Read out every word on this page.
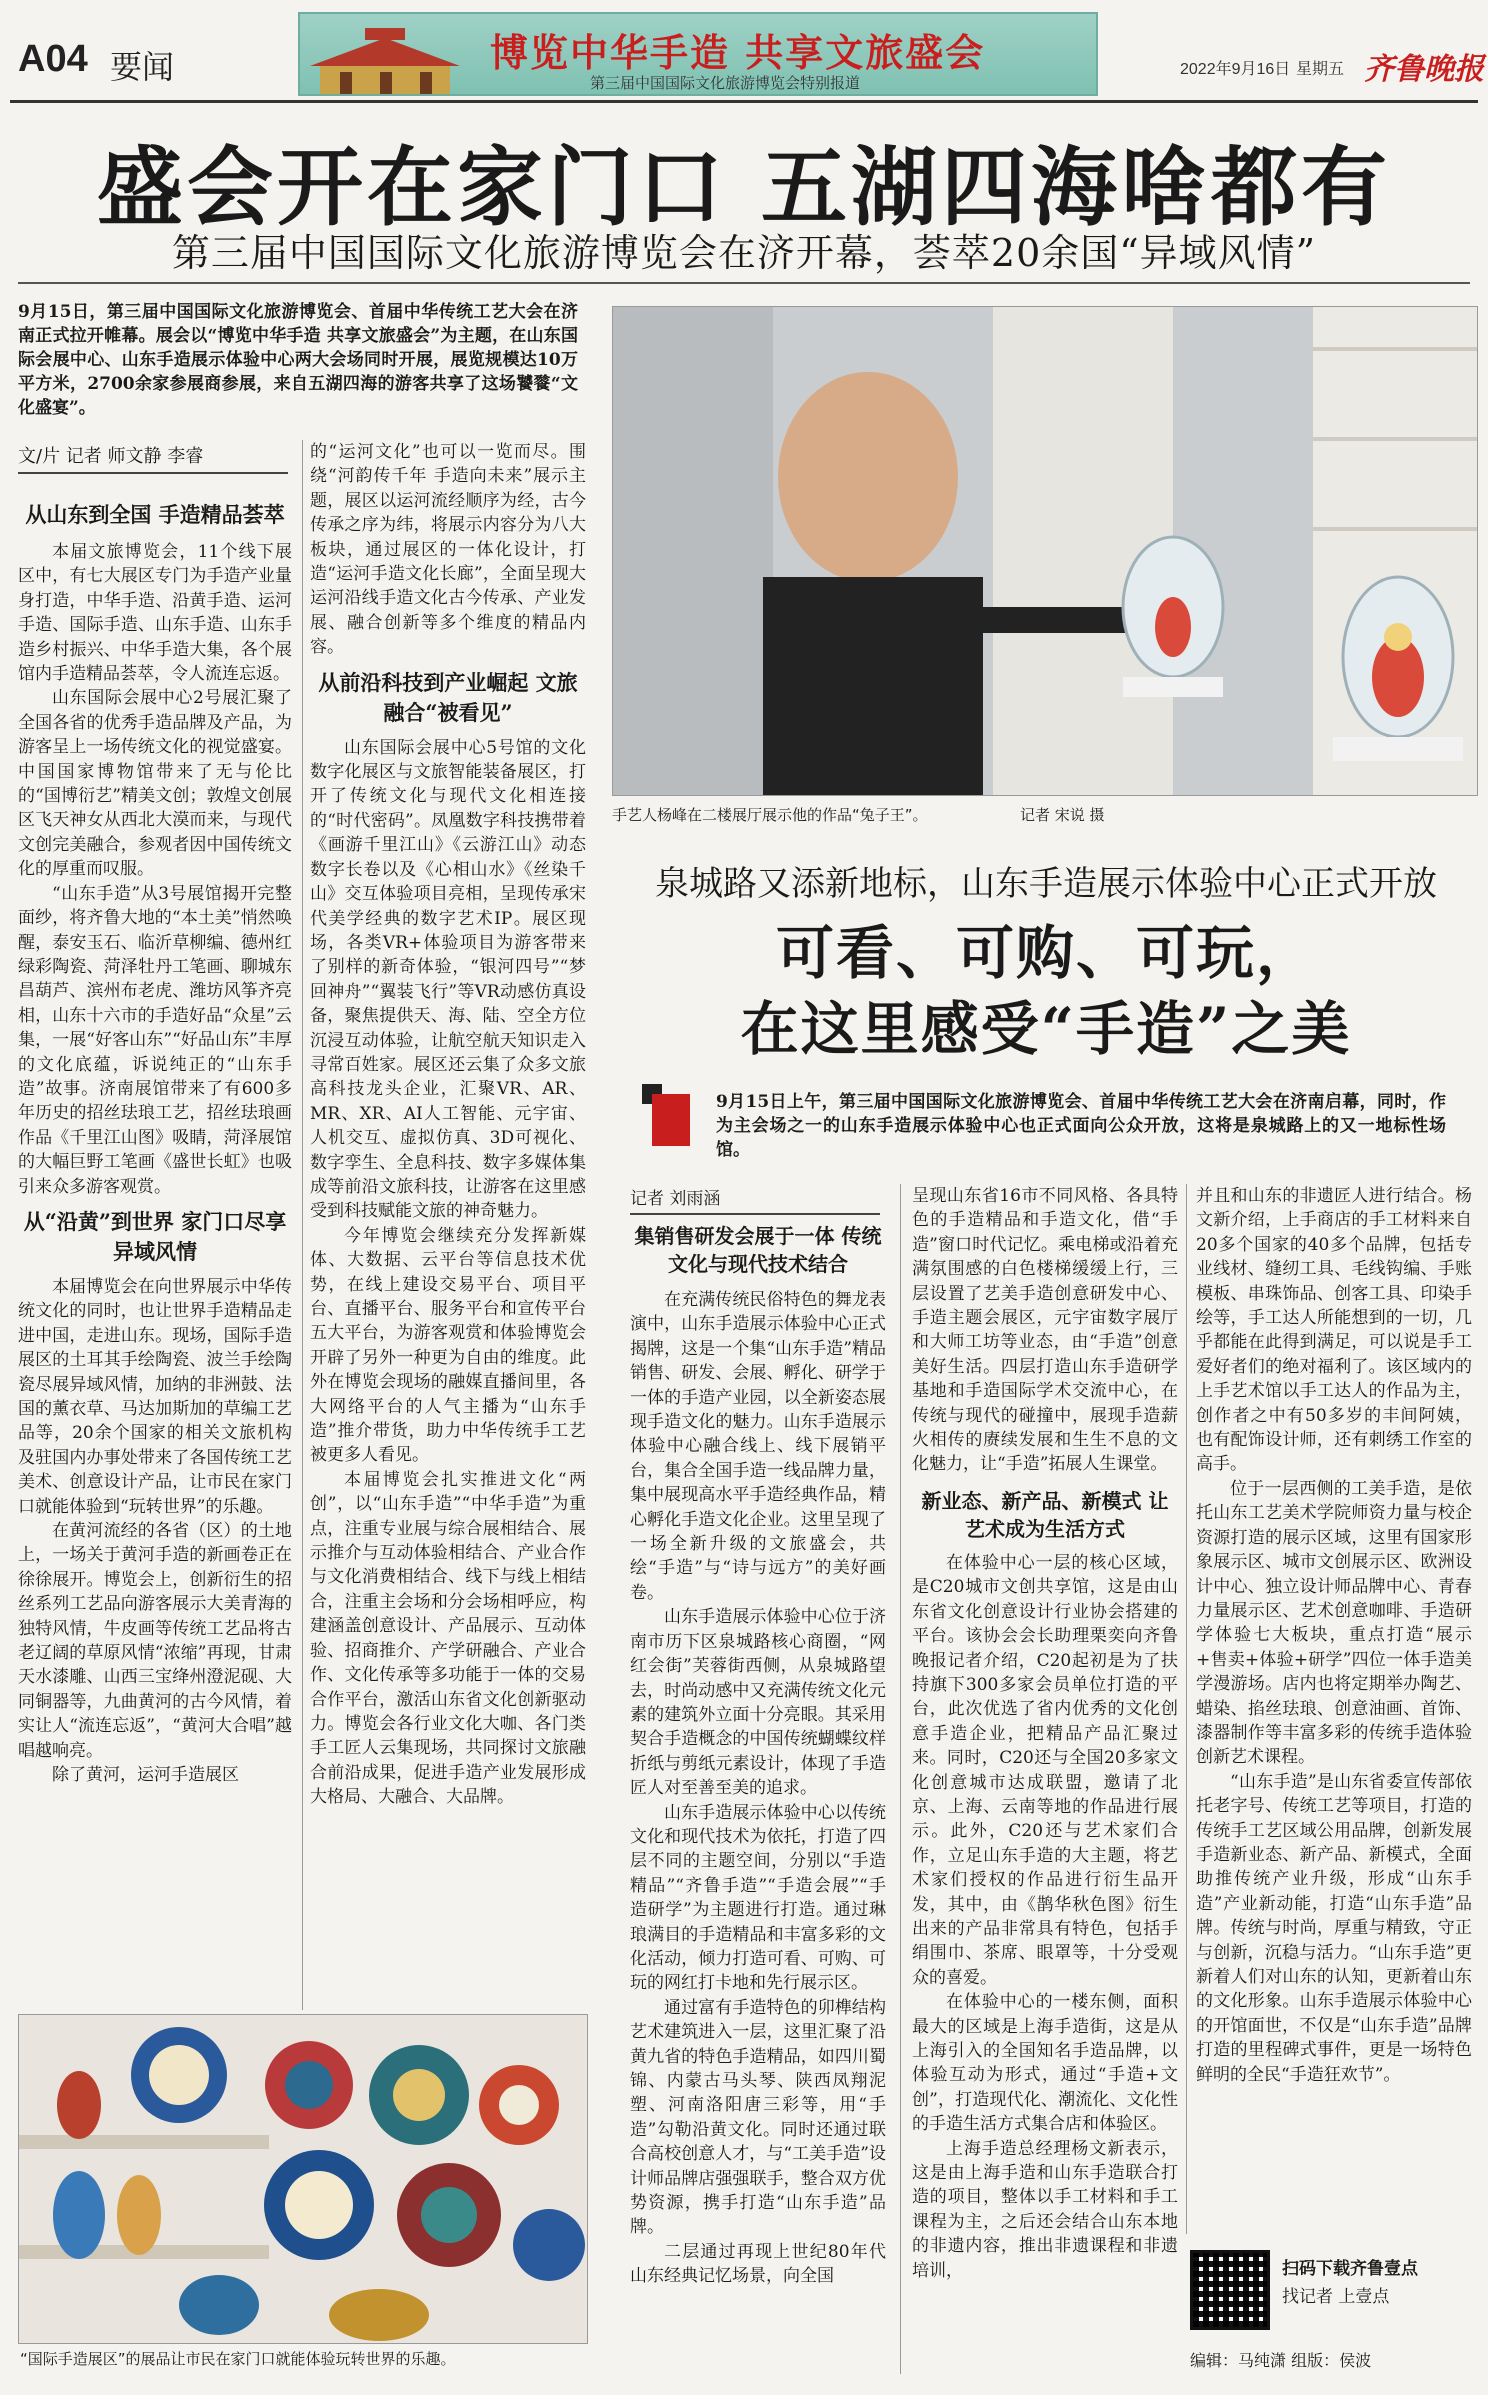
A04 要闻	博览中华手造 共享文旅盛会
第三届中国国际文化旅游博览会特别报道
2022年9月16日 星期五 齐鲁晚报
盛会开在家门口 五湖四海啥都有
第三届中国国际文化旅游博览会在济开幕，荟萃20余国“异域风情”
9月15日，第三届中国国际文化旅游博览会、首届中华传统工艺大会在济南正式拉开帷幕。展会以“博览中华手造 共享文旅盛会”为主题，在山东国际会展中心、山东手造展示体验中心两大会场同时开展，展览规模达10万平方米，2700余家参展商参展，来自五湖四海的游客共享了这场饕餮“文化盛宴”。
文/片 记者 师文静 李睿
从山东到全国 手造精品荟萃

本届文旅博览会，11个线下展区中，有七大展区专门为手造产业量身打造，中华手造、沿黄手造、运河手造、国际手造、山东手造、山东手造乡村振兴、中华手造大集，各个展馆内手造精品荟萃，令人流连忘返。

山东国际会展中心2号展汇聚了全国各省的优秀手造品牌及产品，为游客呈上一场传统文化的视觉盛宴。中国国家博物馆带来了无与伦比的“国博衍艺”精美文创；敦煌文创展区飞天神女从西北大漠而来，与现代文创完美融合，参观者因中国传统文化的厚重而叹服。

“山东手造”从3号展馆揭开完整面纱，将齐鲁大地的“本土美”悄然唤醒，泰安玉石、临沂草柳编、德州红绿彩陶瓷、菏泽牡丹工笔画、聊城东昌葫芦、滨州布老虎、潍坊风筝齐亮相，山东十六市的手造好品“众星”云集，一展“好客山东”“好品山东”丰厚的文化底蕴，诉说纯正的“山东手造”故事。济南展馆带来了有600多年历史的招丝珐琅工艺，招丝珐琅画作品《千里江山图》吸睛，菏泽展馆的大幅巨野工笔画《盛世长虹》也吸引来众多游客观赏。

从“沿黄”到世界 家门口尽享异域风情

本届博览会在向世界展示中华传统文化的同时，也让世界手造精品走进中国，走进山东。现场，国际手造展区的土耳其手绘陶瓷、波兰手绘陶瓷尽展异域风情，加纳的非洲鼓、法国的薰衣草、马达加斯加的草编工艺品等，20余个国家的相关文旅机构及驻国内办事处带来了各国传统工艺美术、创意设计产品，让市民在家门口就能体验到“玩转世界”的乐趣。

在黄河流经的各省（区）的土地上，一场关于黄河手造的新画卷正在徐徐展开。博览会上，创新衍生的招丝系列工艺品向游客展示大美青海的独特风情，牛皮画等传统工艺品将古老辽阔的草原风情“浓缩”再现，甘肃天水漆雕、山西三宝绛州澄泥砚、大同铜器等，九曲黄河的古今风情，着实让人“流连忘返”，“黄河大合唱”越唱越响亮。

除了黄河，运河手造展区

的“运河文化”也可以一览而尽。围绕“河韵传千年 手造向未来”展示主题，展区以运河流经顺序为经，古今传承之序为纬，将展示内容分为八大板块，通过展区的一体化设计，打造“运河手造文化长廊”，全面呈现大运河沿线手造文化古今传承、产业发展、融合创新等多个维度的精品内容。

从前沿科技到产业崛起 文旅融合“被看见”

山东国际会展中心5号馆的文化数字化展区与文旅智能装备展区，打开了传统文化与现代文化相连接的“时代密码”。凤凰数字科技携带着《画游千里江山》《云游江山》动态数字长卷以及《心相山水》《丝染千山》交互体验项目亮相，呈现传承宋代美学经典的数字艺术IP。展区现场，各类VR+体验项目为游客带来了别样的新奇体验，“银河四号”“梦回神舟”“翼装飞行”等VR动感仿真设备，聚焦提供天、海、陆、空全方位沉浸互动体验，让航空航天知识走入寻常百姓家。展区还云集了众多文旅高科技龙头企业，汇聚VR、AR、MR、XR、AI人工智能、元宇宙、人机交互、虚拟仿真、3D可视化、数字孪生、全息科技、数字多媒体集成等前沿文旅科技，让游客在这里感受到科技赋能文旅的神奇魅力。

今年博览会继续充分发挥新媒体、大数据、云平台等信息技术优势，在线上建设交易平台、项目平台、直播平台、服务平台和宣传平台五大平台，为游客观赏和体验博览会开辟了另外一种更为自由的维度。此外在博览会现场的融媒直播间里，各大网络平台的人气主播为“山东手造”推介带货，助力中华传统手工艺被更多人看见。

本届博览会扎实推进文化“两创”，以“山东手造”“中华手造”为重点，注重专业展与综合展相结合、展示推介与互动体验相结合、产业合作与文化消费相结合、线下与线上相结合，注重主会场和分会场相呼应，构建涵盖创意设计、产品展示、互动体验、招商推介、产学研融合、产业合作、文化传承等多功能于一体的交易合作平台，激活山东省文化创新驱动力。博览会各行业文化大咖、各门类手工匠人云集现场，共同探讨文旅融合前沿成果，促进手造产业发展形成大格局、大融合、大品牌。

“国际手造展区”的展品让市民在家门口就能体验玩转世界的乐趣。
手艺人杨峰在二楼展厅展示他的作品“兔子王”。	记者 宋说 摄
泉城路又添新地标，山东手造展示体验中心正式开放
可看、可购、可玩，
在这里感受“手造”之美
9月15日上午，第三届中国国际文化旅游博览会、首届中华传统工艺大会在济南启幕，同时，作为主会场之一的山东手造展示体验中心也正式面向公众开放，这将是泉城路上的又一地标性场馆。
记者 刘雨涵
集销售研发会展于一体 传统文化与现代技术结合

在充满传统民俗特色的舞龙表演中，山东手造展示体验中心正式揭牌，这是一个集“山东手造”精品销售、研发、会展、孵化、研学于一体的手造产业园，以全新姿态展现手造文化的魅力。山东手造展示体验中心融合线上、线下展销平台，集合全国手造一线品牌力量，集中展现高水平手造经典作品，精心孵化手造文化企业。这里呈现了一场全新升级的文旅盛会，共绘“手造”与“诗与远方”的美好画卷。

山东手造展示体验中心位于济南市历下区泉城路核心商圈，“网红会街”芙蓉街西侧，从泉城路望去，时尚动感中又充满传统文化元素的建筑外立面十分亮眼。其采用契合手造概念的中国传统蝴蝶纹样折纸与剪纸元素设计，体现了手造匠人对至善至美的追求。

山东手造展示体验中心以传统文化和现代技术为依托，打造了四层不同的主题空间，分别以“手造精品”“齐鲁手造”“手造会展”“手造研学”为主题进行打造。通过琳琅满目的手造精品和丰富多彩的文化活动，倾力打造可看、可购、可玩的网红打卡地和先行展示区。

通过富有手造特色的卯榫结构艺术建筑进入一层，这里汇聚了沿黄九省的特色手造精品，如四川蜀锦、内蒙古马头琴、陕西凤翔泥塑、河南洛阳唐三彩等，用“手造”勾勒沿黄文化。同时还通过联合高校创意人才，与“工美手造”设计师品牌店强强联手，整合双方优势资源，携手打造“山东手造”品牌。

二层通过再现上世纪80年代山东经典记忆场景，向全国

呈现山东省16市不同风格、各具特色的手造精品和手造文化，借“手造”窗口时代记忆。乘电梯或沿着充满氛围感的白色楼梯缓缓上行，三层设置了艺美手造创意研发中心、手造主题会展区，元宇宙数字展厅和大师工坊等业态，由“手造”创意美好生活。四层打造山东手造研学基地和手造国际学术交流中心，在传统与现代的碰撞中，展现手造薪火相传的赓续发展和生生不息的文化魅力，让“手造”拓展人生课堂。

新业态、新产品、新模式 让艺术成为生活方式

在体验中心一层的核心区域，是C20城市文创共享馆，这是由山东省文化创意设计行业协会搭建的平台。该协会会长助理栗奕向齐鲁晚报记者介绍，C20起初是为了扶持旗下300多家会员单位打造的平台，此次优选了省内优秀的文化创意手造企业，把精品产品汇聚过来。同时，C20还与全国20多家文化创意城市达成联盟，邀请了北京、上海、云南等地的作品进行展示。此外，C20还与艺术家们合作，立足山东手造的大主题，将艺术家们授权的作品进行衍生品开发，其中，由《鹊华秋色图》衍生出来的产品非常具有特色，包括手绢围巾、茶席、眼罩等，十分受观众的喜爱。

在体验中心的一楼东侧，面积最大的区域是上海手造街，这是从上海引入的全国知名手造品牌，以体验互动为形式，通过“手造+文创”，打造现代化、潮流化、文化性的手造生活方式集合店和体验区。

上海手造总经理杨文新表示，这是由上海手造和山东手造联合打造的项目，整体以手工材料和手工课程为主，之后还会结合山东本地的非遗内容，推出非遗课程和非遗培训，

并且和山东的非遗匠人进行结合。杨文新介绍，上手商店的手工材料来自20多个国家的40多个品牌，包括专业线材、缝纫工具、毛线钩编、手账模板、串珠饰品、创客工具、印染手绘等，手工达人所能想到的一切，几乎都能在此得到满足，可以说是手工爱好者们的绝对福利了。该区域内的上手艺术馆以手工达人的作品为主，创作者之中有50多岁的丰间阿姨，也有配饰设计师，还有刺绣工作室的高手。

位于一层西侧的工美手造，是依托山东工艺美术学院师资力量与校企资源打造的展示区域，这里有国家形象展示区、城市文创展示区、欧洲设计中心、独立设计师品牌中心、青春力量展示区、艺术创意咖啡、手造研学体验七大板块，重点打造“展示+售卖+体验+研学”四位一体手造美学漫游场。店内也将定期举办陶艺、蜡染、掐丝珐琅、创意油画、首饰、漆器制作等丰富多彩的传统手造体验创新艺术课程。

“山东手造”是山东省委宣传部依托老字号、传统工艺等项目，打造的传统手工艺区域公用品牌，创新发展手造新业态、新产品、新模式，全面助推传统产业升级，形成“山东手造”产业新动能，打造“山东手造”品牌。传统与时尚，厚重与精致，守正与创新，沉稳与活力。“山东手造”更新着人们对山东的认知，更新着山东的文化形象。山东手造展示体验中心的开馆面世，不仅是“山东手造”品牌打造的里程碑式事件，更是一场特色鲜明的全民“手造狂欢节”。

扫码下载齐鲁壹点
找记者 上壹点
编辑：马纯潇 组版：侯波
